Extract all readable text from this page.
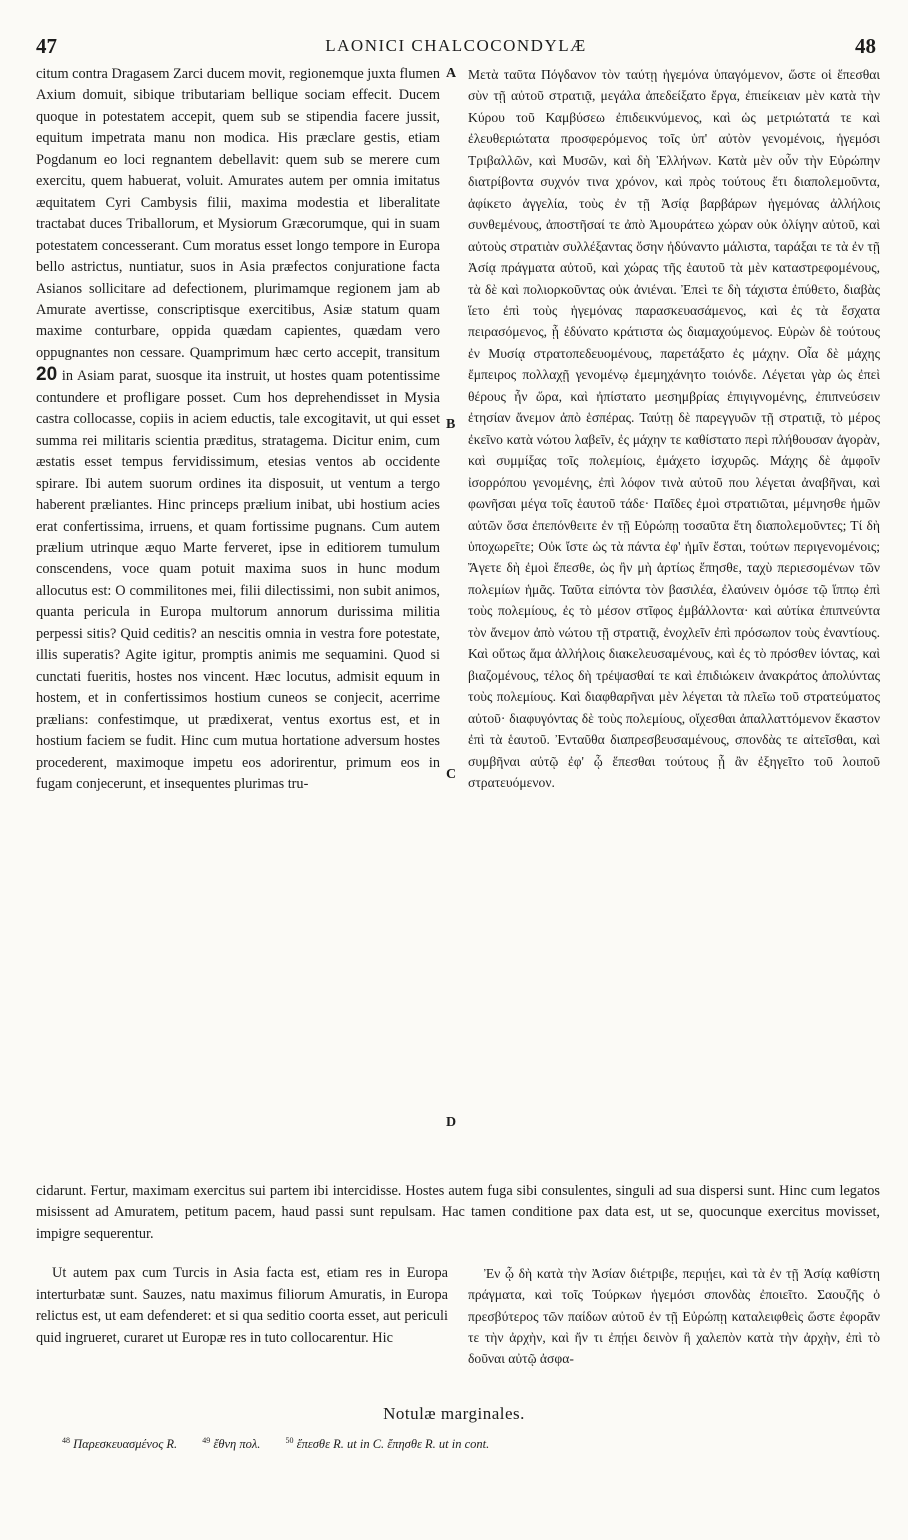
47	LAONICI CHALCOCONDYLÆ	48

citum contra Dragasem Zarci ducem movit, regionemque juxta flumen Axium domuit, sibique tributariam bellique sociam effecit. Ducem quoque in potestatem accepit, quem sub se stipendia facere jussit, equitum impetrata manu non modica. His præclare gestis, etiam Pogdanum eo loci regnantem debellavit: quem sub se merere cum exercitu, quem habuerat, voluit. Amurates autem per omnia imitatus æquitatem Cyri Cambysis filii, maxima modestia et liberalitate tractabat duces Triballorum, et Mysiorum Græcorumque, qui in suam potestatem concesserant. Cum moratus esset longo tempore in Europa bello astrictus, nuntiatur, suos in Asia præfectos conjuratione facta Asianos sollicitare ad defectionem, plurimamque regionem jam ab Amurate avertisse, conscriptisque exercitibus, Asiæ statum quam maxime conturbare, oppida quædam capientes, quædam vero oppugnantes non cessare. Quamprimum hæc certo accepit, transitum 20 in Asiam parat, suosque ita instruit, ut hostes quam potentissime contundere et profligare posset. Cum hos deprehendisset in Mysia castra collocasse, copiis in aciem eductis, tale excogitavit, ut qui esset summa rei militaris scientia præditus, stratagema. Dicitur enim, cum æstatis esset tempus fervidissimum, etesias ventos ab occidente spirare. Ibi autem suorum ordines ita disposuit, ut ventum a tergo haberent præliantes. Hinc princeps prælium inibat, ubi hostium acies erat confertissima, irruens, et quam fortissime pugnans. Cum autem prælium utrinque æquo Marte ferveret, ipse in editiorem tumulum conscendens, voce quam potuit maxima suos in hunc modum allocutus est: O commilitones mei, filii dilectissimi, non subit animos, quanta pericula in Europa multorum annorum durissima militia perpessi sitis? Quid ceditis? an nescitis omnia in vestra fore potestate, illis superatis? Agite igitur, promptis animis me sequamini. Quod si cunctati fueritis, hostes nos vincent. Hæc locutus, admisit equum in hostem, et in confertissimos hostium cuneos se conjecit, acerrime prælians: confestimque, ut prædixerat, ventus exortus est, et in hostium faciem se fudit. Hinc cum mutua hortatione adversum hostes procederent, maximoque impetu eos adorirentur, primum eos in fugam conjecerunt, et insequentes plurimas tru-

A
B
C
D

Μετὰ ταῦτα Πόγδανον τὸν ταύτῃ ἡγεμόνα ὑπαγόμενον, ὥστε οἱ ἕπεσθαι σὺν τῇ αὐτοῦ στρατιᾷ, μεγάλα ἀπεδείξατο ἔργα, ἐπιείκειαν μὲν κατὰ τὴν Κύρου τοῦ Καμβύσεω ἐπιδεικνύμενος, καὶ ὡς μετριώτατά τε καὶ ἐλευθεριώτατα προσφερόμενος τοῖς ὑπ' αὐτὸν γενομένοις, ἡγεμόσι Τριβαλλῶν, καὶ Μυσῶν, καὶ δὴ Ἑλλήνων. Κατὰ μὲν οὖν τὴν Εὐρώπην διατρίβοντα συχνόν τινα χρόνον, καὶ πρὸς τούτους ἔτι διαπολεμοῦντα, ἀφίκετο ἀγγελία, τοὺς ἐν τῇ Ἀσίᾳ βαρβάρων ἡγεμόνας ἀλλήλοις συνθεμένους, ἀποστῆσαί τε ἀπὸ Ἀμουράτεω χώραν οὐκ ὀλίγην αὐτοῦ, καὶ αὐτοὺς στρατιὰν συλλέξαντας ὅσην ἠδύναντο μάλιστα, ταράξαι τε τὰ ἐν τῇ Ἀσίᾳ πράγματα αὐτοῦ, καὶ χώρας τῆς ἑαυτοῦ τὰ μὲν καταστρεφομένους, τὰ δὲ καὶ πολιορκοῦντας οὐκ ἀνιέναι. Ἐπεὶ τε δὴ τάχιστα ἐπύθετο, διαβὰς ἵετο ἐπὶ τοὺς ἡγεμόνας παρασκευασάμενος, καὶ ἐς τὰ ἔσχατα πειρασόμενος, ᾗ ἐδύνατο κράτιστα ὡς διαμαχούμενος. Εὑρὼν δὲ τούτους ἐν Μυσίᾳ στρατοπεδευομένους, παρετάξατο ἐς μάχην. Οἷα δὲ μάχης ἔμπειρος πολλαχῇ γενομένῳ ἐμεμηχάνητο τοιόνδε. Λέγεται γὰρ ὡς ἐπεὶ θέρους ἦν ὥρα, καὶ ἠπίστατο μεσημβρίας ἐπιγιγνομένης, ἐπιπνεύσειν ἐτησίαν ἄνεμον ἀπὸ ἑσπέρας. Ταύτῃ δὲ παρεγγυῶν τῇ στρατιᾷ, τὸ μέρος ἐκεῖνο κατὰ νώτου λαβεῖν, ἐς μάχην τε καθίστατο περὶ πλήθουσαν ἀγορὰν, καὶ συμμίξας τοῖς πολεμίοις, ἐμάχετο ἰσχυρῶς. Μάχης δὲ ἀμφοῖν ἰσορρόπου γενομένης, ἐπὶ λόφον τινὰ αὐτοῦ που λέγεται ἀναβῆναι, καὶ φωνῆσαι μέγα τοῖς ἑαυτοῦ τάδε· Παῖδες ἐμοὶ στρατιῶται, μέμνησθε ἡμῶν αὐτῶν ὅσα ἐπεπόνθειτε ἐν τῇ Εὐρώπῃ τοσαῦτα ἔτη διαπολεμοῦντες; Τί δὴ ὑποχωρεῖτε; Οὐκ ἴστε ὡς τὰ πάντα ἐφ' ἡμῖν ἔσται, τούτων περιγενομένοις; Ἄγετε δὴ ἐμοὶ ἕπεσθε, ὡς ἢν μὴ ἀρτίως ἕπησθε, ταχὺ περιεσομένων τῶν πολεμίων ἡμᾶς. Ταῦτα εἰπόντα τὸν βασιλέα, ἐλαύνειν ὁμόσε τῷ ἵππῳ ἐπὶ τοὺς πολεμίους, ἐς τὸ μέσον στῖφος ἐμβάλλοντα· καὶ αὐτίκα ἐπιπνεύντα τὸν ἄνεμον ἀπὸ νώτου τῇ στρατιᾷ, ἐνοχλεῖν ἐπὶ πρόσωπον τοὺς ἐναντίους. Καὶ οὕτως ἅμα ἀλλήλοις διακελευσαμένους, καὶ ἐς τὸ πρόσθεν ἰόντας, καὶ βιαζομένους, τέλος δὴ τρέψασθαί τε καὶ ἐπιδιώκειν ἀνακράτος ἀπολύντας τοὺς πολεμίους. Καὶ διαφθαρῆναι μὲν λέγεται τὰ πλεῖω τοῦ στρατεύματος αὐτοῦ· διαφυγόντας δὲ τοὺς πολεμίους, οἴχεσθαι ἀπαλλαττόμενον ἕκαστον ἐπὶ τὰ ἑαυτοῦ. Ἐνταῦθα διαπρεσβευσαμένους, σπονδὰς τε αἰτεῖσθαι, καὶ συμβῆναι αὐτῷ ἐφ' ᾧ ἕπεσθαι τούτους ᾗ ἂν ἐξηγεῖτο τοῦ λοιποῦ στρατευόμενον.

cidarunt. Fertur, maximam exercitus sui partem ibi intercidisse. Hostes autem fuga sibi consulentes, singuli ad sua dispersi sunt. Hinc cum legatos misissent ad Amuratem, petitum pacem, haud passi sunt repulsam. Hac tamen conditione pax data est, ut se, quocunque exercitus movisset, impigre sequerentur.

Ut autem pax cum Turcis in Asia facta est, etiam res in Europa interturbatæ sunt. Sauzes, natu maximus filiorum Amuratis, in Europa relictus est, ut eam defenderet: et si qua seditio coorta esset, aut periculi quid ingrueret, curaret ut Europæ res in tuto collocarentur. Hic

Ἐν ᾧ δὴ κατὰ τὴν Ἀσίαν διέτριβε, περιῄει, καὶ τὰ ἐν τῇ Ἀσίᾳ καθίστη πράγματα, καὶ τοῖς Τούρκων ἡγεμόσι σπονδὰς ἐποιεῖτο. Σαουζῆς ὁ πρεσβύτερος τῶν παίδων αὐτοῦ ἐν τῇ Εὐρώπῃ καταλειφθεὶς ὥστε ἐφορᾶν τε τὴν ἀρχὴν, καὶ ἤν τι ἐπῄει δεινὸν ἢ χαλεπὸν κατὰ τὴν ἀρχὴν, ἐπὶ τὸ δοῦναι αὐτῷ ἀσφα-

Notulæ marginales.
$^{48}$ Παρεσκευασμένος R.	$^{49}$ ἔθνη πολ.	$^{50}$ ἕπεσθε R. ut in C. ἔπησθε R. ut in cont.
